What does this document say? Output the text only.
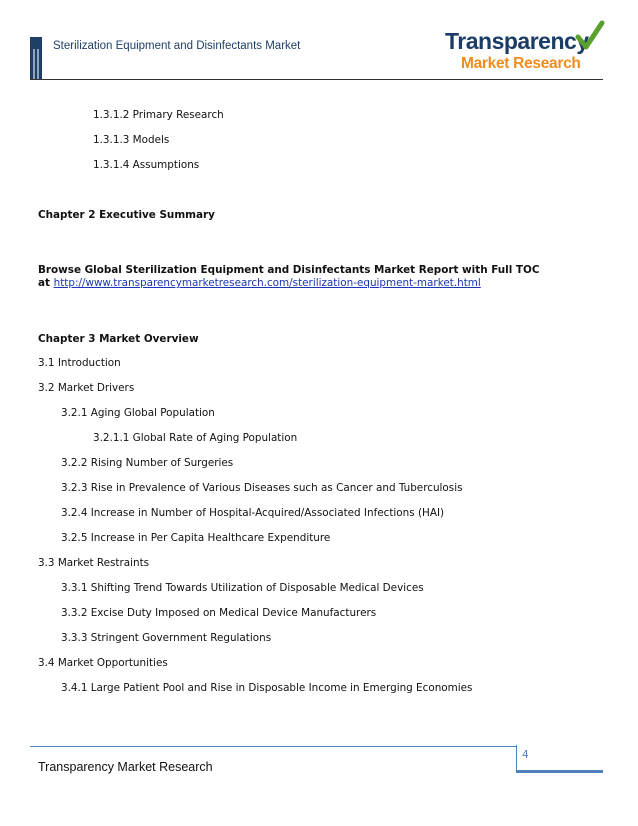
Sterilization Equipment and Disinfectants Market	Transparency
Market Research
1.3.1.2 Primary Research
1.3.1.3 Models
1.3.1.4 Assumptions
Chapter 2 Executive Summary
Browse Global Sterilization Equipment and Disinfectants Market Report with Full TOC
at http://www.transparencymarketresearch.com/sterilization-equipment-market.html
Chapter 3 Market Overview
3.1 Introduction
3.2 Market Drivers
3.2.1 Aging Global Population
3.2.1.1 Global Rate of Aging Population
3.2.2 Rising Number of Surgeries
3.2.3 Rise in Prevalence of Various Diseases such as Cancer and Tuberculosis
3.2.4 Increase in Number of Hospital-Acquired/Associated Infections (HAI)
3.2.5 Increase in Per Capita Healthcare Expenditure
3.3 Market Restraints
3.3.1 Shifting Trend Towards Utilization of Disposable Medical Devices
3.3.2 Excise Duty Imposed on Medical Device Manufacturers
3.3.3 Stringent Government Regulations
3.4 Market Opportunities
3.4.1 Large Patient Pool and Rise in Disposable Income in Emerging Economies
4
Transparency Market Research
